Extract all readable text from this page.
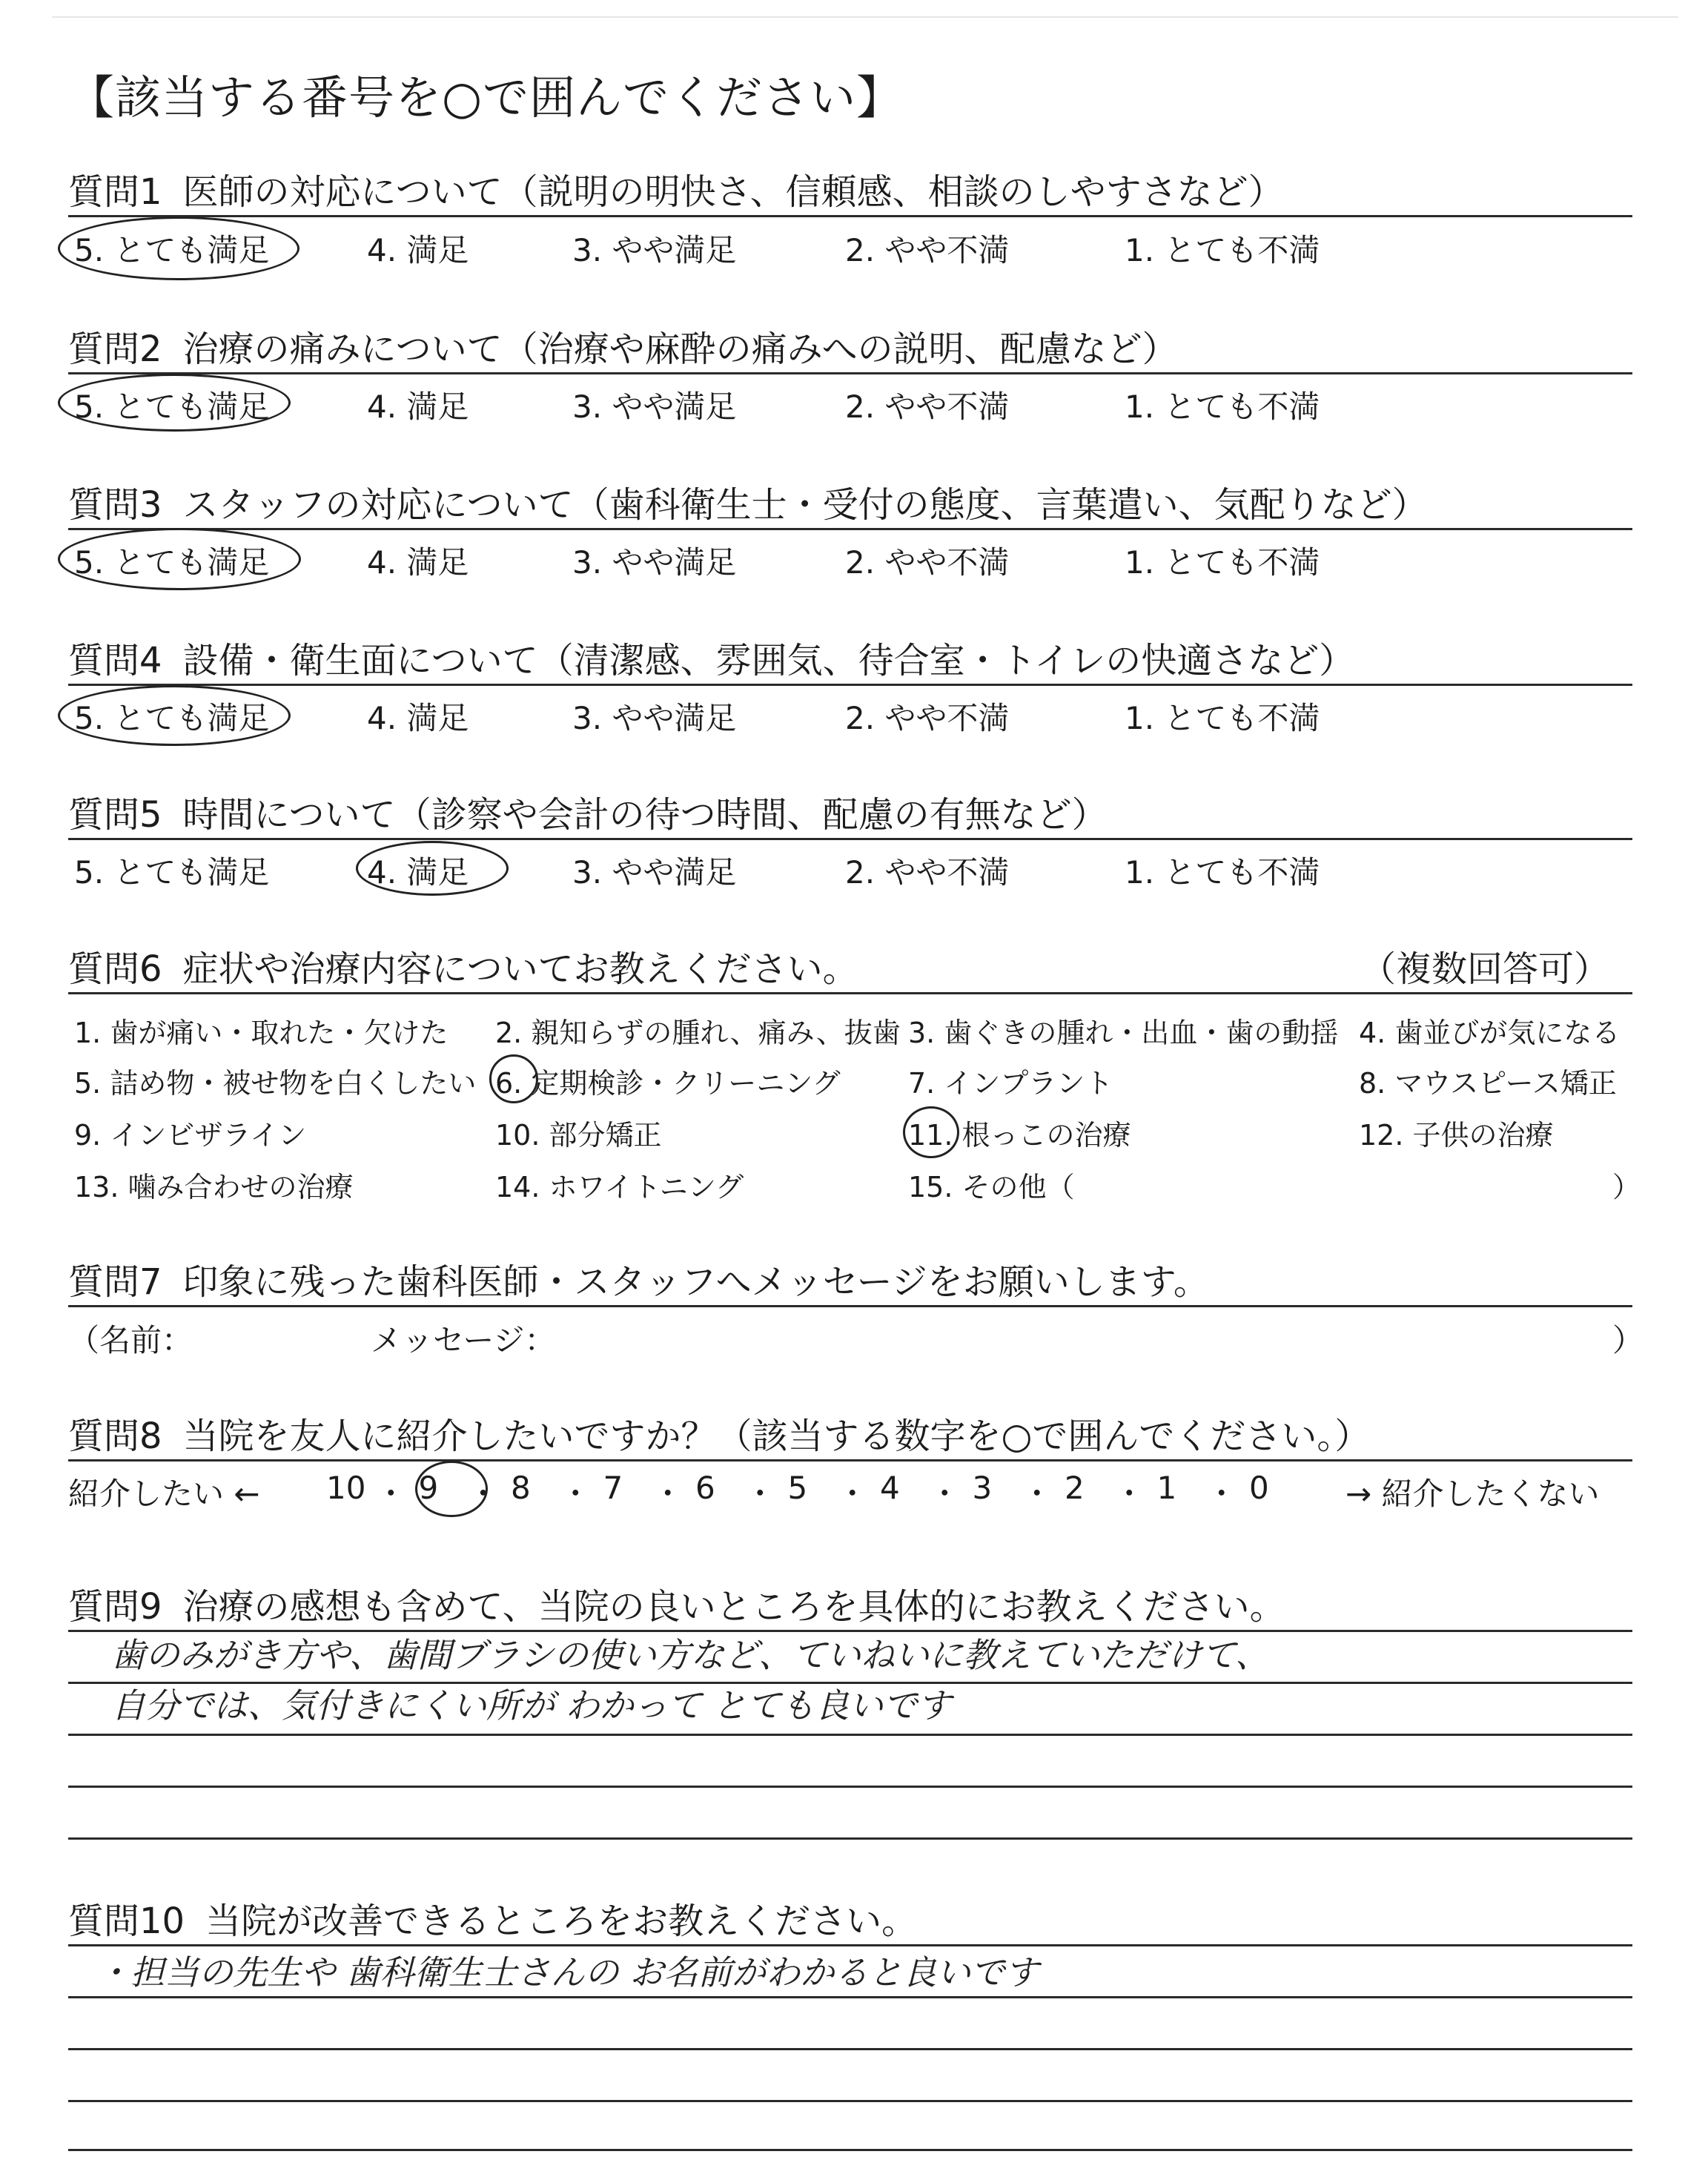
【該当する番号を○で囲んでください】
質問1 医師の対応について（説明の明快さ、信頼感、相談のしやすさなど）
5. とても満足	4. 満足	3. やや満足	2. やや不満	1. とても不満
質問2 治療の痛みについて（治療や麻酔の痛みへの説明、配慮など）
5. とても満足	4. 満足	3. やや満足	2. やや不満	1. とても不満
質問3 スタッフの対応について（歯科衛生士・受付の態度、言葉遣い、気配りなど）
5. とても満足	4. 満足	3. やや満足	2. やや不満	1. とても不満
質問4 設備・衛生面について（清潔感、雰囲気、待合室・トイレの快適さなど）
5. とても満足	4. 満足	3. やや満足	2. やや不満	1. とても不満
質問5 時間について（診察や会計の待つ時間、配慮の有無など）
5. とても満足	4. 満足	3. やや満足	2. やや不満	1. とても不満
質問6 症状や治療内容についてお教えください。	（複数回答可）
1. 歯が痛い・取れた・欠けた 2. 親知らずの腫れ、痛み、抜歯 3. 歯ぐきの腫れ・出血・歯の動揺 4. 歯並びが気になる
5. 詰め物・被せ物を白くしたい 6. 定期検診・クリーニング 7. インプラント	8. マウスピース矯正
9. インビザライン	10. 部分矯正	11. 根っこの治療	12. 子供の治療
13. 噛み合わせの治療	14. ホワイトニング	15. その他（	）
質問7 印象に残った歯科医師・スタッフへメッセージをお願いします。
（名前：	メッセージ：	）
質問8 当院を友人に紹介したいですか？（該当する数字を○で囲んでください。）
紹介したい ← 10 ・ 9 ・ 8 ・ 7 ・ 6 ・ 5 ・ 4 ・ 3 ・ 2 ・ 1 ・ 0 → 紹介したくない
質問9 治療の感想も含めて、当院の良いところを具体的にお教えください。
歯のみがき方や、歯間ブラシの使い方など、ていねいに教えていただけて、
自分では、気付きにくい所が わかって とても良いです
質問10 当院が改善できるところをお教えください。
・担当の先生や 歯科衛生士さんの お名前がわかると良いです
